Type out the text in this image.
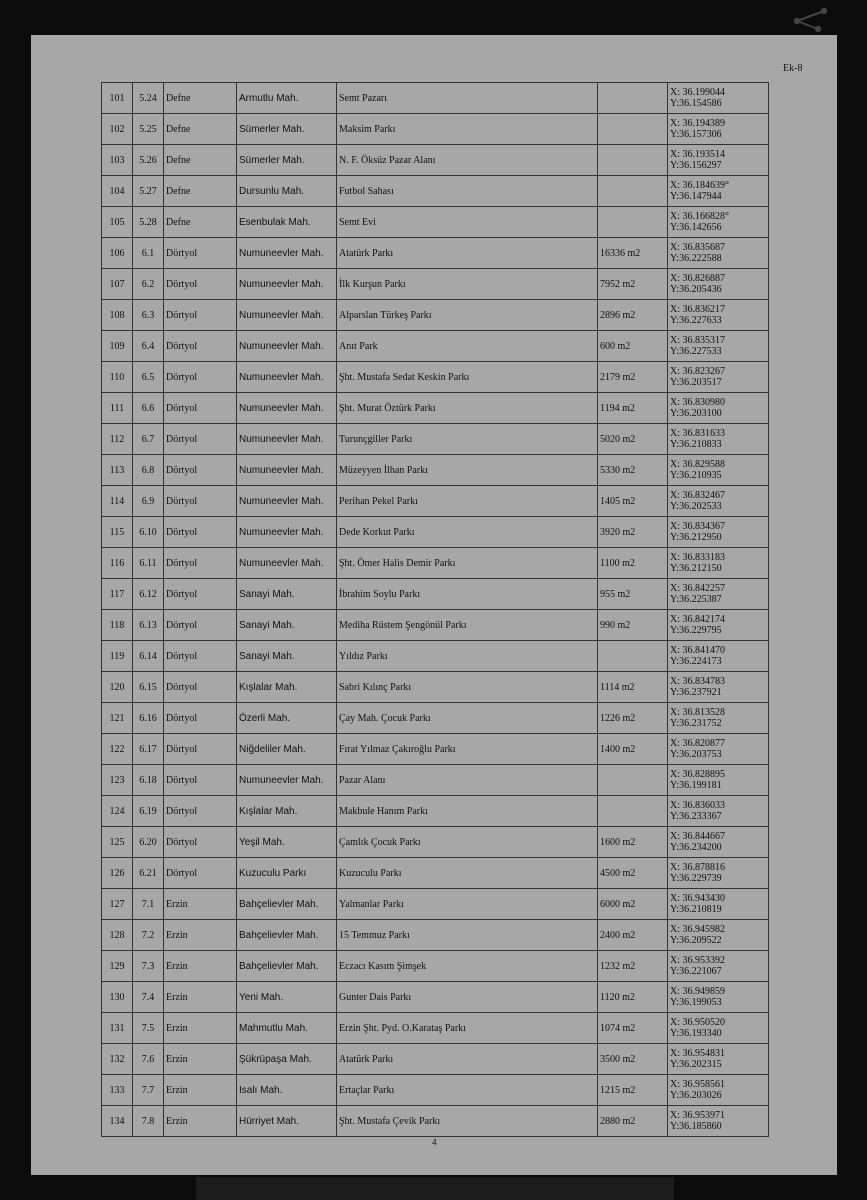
Ek-8
101	5.24	Defne	Armutlu Mah.	Semt Pazarı		X: 36.199044
Y:36.154586

102	5.25	Defne	Sümerler Mah.	Maksim Parkı		X: 36.194389
Y:36.157306

103	5.26	Defne	Sümerler Mah.	N. F. Öksüz Pazar Alanı		X: 36.193514
Y:36.156297

104	5.27	Defne	Dursunlu Mah.	Futbol Sahası		X: 36.184639°
Y:36.147944

105	5.28	Defne	Esenbulak Mah.	Semt Evi		X: 36.166828°
Y:36.142656

106	6.1	Dörtyol	Numuneevler Mah.	Atatürk Parkı	16336 m2	X: 36.835687
Y:36.222588

107	6.2	Dörtyol	Numuneevler Mah.	İlk Kurşun Parkı	7952 m2	X: 36.826887
Y:36.205436

108	6.3	Dörtyol	Numuneevler Mah.	Alparslan Türkeş Parkı	2896 m2	X: 36.836217
Y:36.227633

109	6.4	Dörtyol	Numuneevler Mah.	Anıt Park	600 m2	X: 36.835317
Y:36.227533

110	6.5	Dörtyol	Numuneevler Mah.	Şht. Mustafa Sedat Keskin Parkı	2179 m2	X: 36.823267
Y:36.203517

111	6.6	Dörtyol	Numuneevler Mah.	Şht. Murat Öztürk Parkı	1194 m2	X: 36.830980
Y:36.203100

112	6.7	Dörtyol	Numuneevler Mah.	Turunçgiller Parkı	5020 m2	X: 36.831633
Y:36.210833

113	6.8	Dörtyol	Numuneevler Mah.	Müzeyyen İlhan Parkı	5330 m2	X: 36.829588
Y:36.210935

114	6.9	Dörtyol	Numuneevler Mah.	Perihan Pekel Parkı	1405 m2	X: 36.832467
Y:36.202533

115	6.10	Dörtyol	Numuneevler Mah.	Dede Korkut Parkı	3920 m2	X: 36.834367
Y:36.212950

116	6.11	Dörtyol	Numuneevler Mah.	Şht. Ömer Halis Demir Parkı	1100 m2	X: 36.833183
Y:36.212150

117	6.12	Dörtyol	Sanayi Mah.	İbrahim Soylu Parkı	955 m2	X: 36.842257
Y:36.225387

118	6.13	Dörtyol	Sanayi Mah.	Mediha Rüstem Şengönül Parkı	990 m2	X: 36.842174
Y:36.229795

119	6.14	Dörtyol	Sanayi Mah.	Yıldız Parkı		X: 36.841470
Y:36.224173

120	6.15	Dörtyol	Kışlalar Mah.	Sabri Kılınç Parkı	1114 m2	X: 36.834783
Y:36.237921

121	6.16	Dörtyol	Özerli Mah.	Çay Mah. Çocuk Parkı	1226 m2	X: 36.813528
Y:36.231752

122	6.17	Dörtyol	Niğdeliler Mah.	Fırat Yılmaz Çakıroğlu Parkı	1400 m2	X: 36.820877
Y:36.203753

123	6.18	Dörtyol	Numuneevler Mah.	Pazar Alanı		X: 36.828895
Y:36.199181

124	6.19	Dörtyol	Kışlalar Mah.	Makbule Hanım Parkı		X: 36.836033
Y:36.233367

125	6.20	Dörtyol	Yeşil Mah.	Çamlık Çocuk Parkı	1600 m2	X: 36.844667
Y:36.234200

126	6.21	Dörtyol	Kuzuculu Parkı	Kuzuculu Parkı	4500 m2	X: 36.878816
Y:36.229739

127	7.1	Erzin	Bahçelievler Mah.	Yalmanlar Parkı	6000 m2	X: 36.943430
Y:36.210819

128	7.2	Erzin	Bahçelievler Mah.	15 Temmuz Parkı	2400 m2	X: 36.945982
Y:36.209522

129	7.3	Erzin	Bahçelievler Mah.	Eczacı Kasım Şimşek	1232 m2	X: 36.953392
Y:36.221067

130	7.4	Erzin	Yeni Mah.	Gunter Dais Parkı	1120 m2	X: 36.949859
Y:36.199053

131	7.5	Erzin	Mahmutlu Mah.	Erzin Şht. Pyd. O.Karataş Parkı	1074 m2	X: 36.950520
Y:36.193340

132	7.6	Erzin	Şükrüpaşa Mah.	Atatürk Parkı	3500 m2	X: 36.954831
Y:36.202315

133	7.7	Erzin	Isalı Mah.	Ertaçlar Parkı	1215 m2	X: 36.958561
Y:36.203026

134	7.8	Erzin	Hürriyet Mah.	Şht. Mustafa Çevik Parkı	2880 m2	X: 36.953971
Y:36.185860
4
